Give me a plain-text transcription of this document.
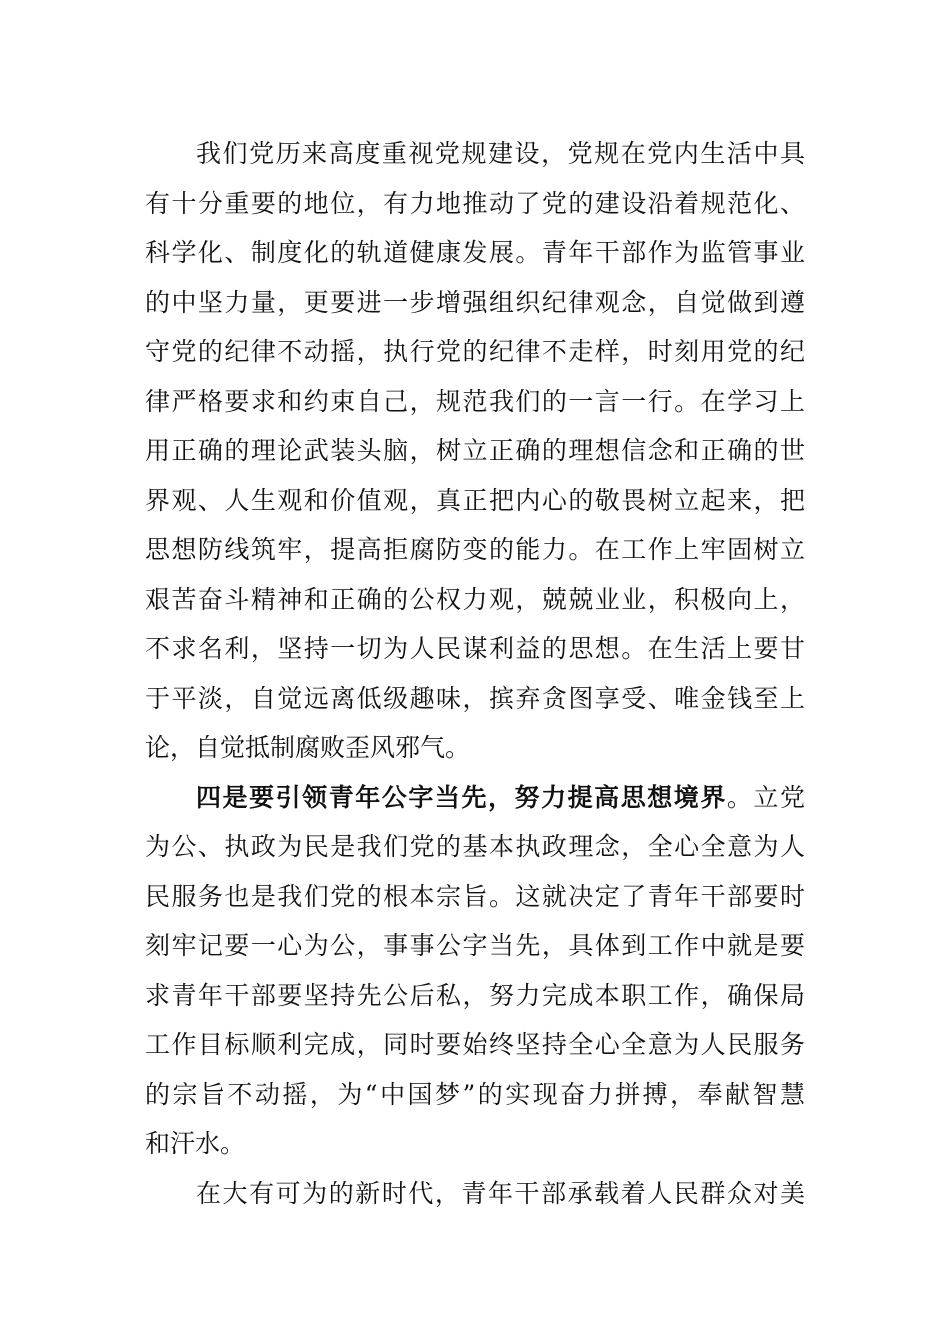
我们党历来高度重视党规建设，党规在党内生活中具

有十分重要的地位，有力地推动了党的建设沿着规范化、

科学化、制度化的轨道健康发展。青年干部作为监管事业

的中坚力量，更要进一步增强组织纪律观念，自觉做到遵

守党的纪律不动摇，执行党的纪律不走样，时刻用党的纪

律严格要求和约束自己，规范我们的一言一行。在学习上

用正确的理论武装头脑，树立正确的理想信念和正确的世

界观、人生观和价值观，真正把内心的敬畏树立起来，把

思想防线筑牢，提高拒腐防变的能力。在工作上牢固树立

艰苦奋斗精神和正确的公权力观，兢兢业业，积极向上，

不求名利，坚持一切为人民谋利益的思想。在生活上要甘

于平淡，自觉远离低级趣味，摈弃贪图享受、唯金钱至上

论，自觉抵制腐败歪风邪气。

四是要引领青年公字当先，努力提高思想境界。立党

为公、执政为民是我们党的基本执政理念，全心全意为人

民服务也是我们党的根本宗旨。这就决定了青年干部要时

刻牢记要一心为公，事事公字当先，具体到工作中就是要

求青年干部要坚持先公后私，努力完成本职工作，确保局

工作目标顺利完成，同时要始终坚持全心全意为人民服务

的宗旨不动摇，为“中国梦”的实现奋力拼搏，奉献智慧

和汗水。

在大有可为的新时代，青年干部承载着人民群众对美
